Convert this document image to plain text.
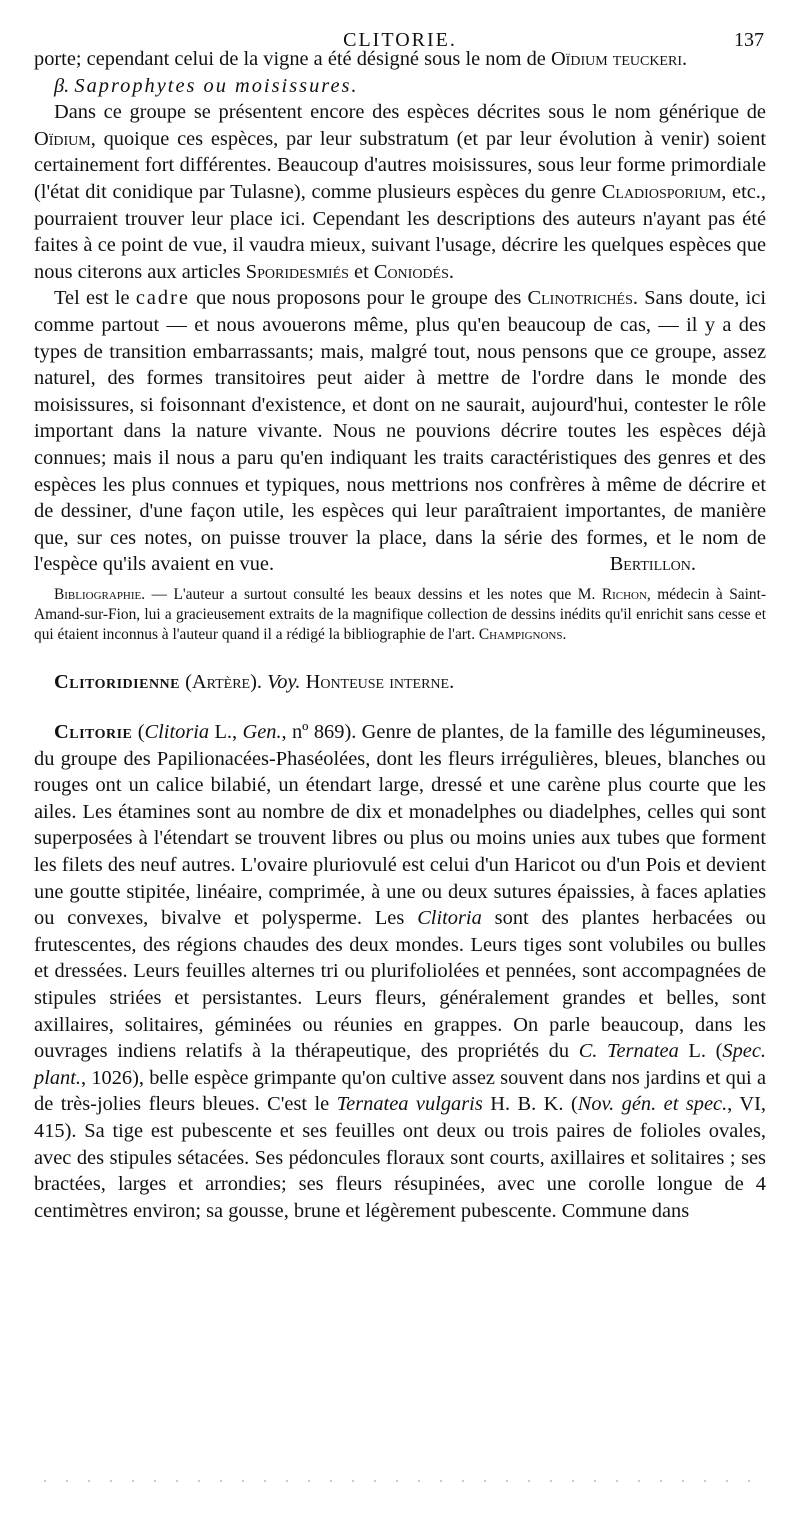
CLITORIE.	137

porte; cependant celui de la vigne a été désigné sous le nom de Oïdium teuckeri.

β. Saprophytes ou moisissures.

Dans ce groupe se présentent encore des espèces décrites sous le nom générique de Oïdium, quoique ces espèces, par leur substratum (et par leur évolution à venir) soient certainement fort différentes. Beaucoup d'autres moisissures, sous leur forme primordiale (l'état dit conidique par Tulasne), comme plusieurs espèces du genre Cladiosporium, etc., pourraient trouver leur place ici. Cependant les descriptions des auteurs n'ayant pas été faites à ce point de vue, il vaudra mieux, suivant l'usage, décrire les quelques espèces que nous citerons aux articles Sporidesmiés et Coniodés.

Tel est le cadre que nous proposons pour le groupe des Clinotrichés. Sans doute, ici comme partout — et nous avouerons même, plus qu'en beaucoup de cas, — il y a des types de transition embarrassants; mais, malgré tout, nous pensons que ce groupe, assez naturel, des formes transitoires peut aider à mettre de l'ordre dans le monde des moisissures, si foisonnant d'existence, et dont on ne saurait, aujourd'hui, contester le rôle important dans la nature vivante. Nous ne pouvions décrire toutes les espèces déjà connues; mais il nous a paru qu'en indiquant les traits caractéristiques des genres et des espèces les plus connues et typiques, nous mettrions nos confrères à même de décrire et de dessiner, d'une façon utile, les espèces qui leur paraîtraient importantes, de manière que, sur ces notes, on puisse trouver la place, dans la série des formes, et le nom de l'espèce qu'ils avaient en vue.	Bertillon.

Bibliographie. — L'auteur a surtout consulté les beaux dessins et les notes que M. Richon, médecin à Saint-Amand-sur-Fion, lui a gracieusement extraits de la magnifique collection de dessins inédits qu'il enrichit sans cesse et qui étaient inconnus à l'auteur quand il a rédigé la bibliographie de l'art. Champignons.

Clitoridienne (Artère). Voy. Honteuse interne.

Clitorie (Clitoria L., Gen., nº 869). Genre de plantes, de la famille des légumineuses, du groupe des Papilionacées-Phaséolées, dont les fleurs irrégulières, bleues, blanches ou rouges ont un calice bilabié, un étendart large, dressé et une carène plus courte que les ailes. Les étamines sont au nombre de dix et monadelphes ou diadelphes, celles qui sont superposées à l'étendart se trouvent libres ou plus ou moins unies aux tubes que forment les filets des neuf autres. L'ovaire pluriovulé est celui d'un Haricot ou d'un Pois et devient une goutte stipitée, linéaire, comprimée, à une ou deux sutures épaissies, à faces aplaties ou convexes, bivalve et polysperme. Les Clitoria sont des plantes herbacées ou frutescentes, des régions chaudes des deux mondes. Leurs tiges sont volubiles ou bulles et dressées. Leurs feuilles alternes tri ou plurifoliolées et pennées, sont accompagnées de stipules striées et persistantes. Leurs fleurs, généralement grandes et belles, sont axillaires, solitaires, géminées ou réunies en grappes. On parle beaucoup, dans les ouvrages indiens relatifs à la thérapeutique, des propriétés du C. Ternatea L. (Spec. plant., 1026), belle espèce grimpante qu'on cultive assez souvent dans nos jardins et qui a de très-jolies fleurs bleues. C'est le Ternatea vulgaris H. B. K. (Nov. gén. et spec., VI, 415). Sa tige est pubescente et ses feuilles ont deux ou trois paires de folioles ovales, avec des stipules sétacées. Ses pédoncules floraux sont courts, axillaires et solitaires ; ses bractées, larges et arrondies; ses fleurs résupinées, avec une corolle longue de 4 centimètres environ; sa gousse, brune et légèrement pubescente. Commune dans
